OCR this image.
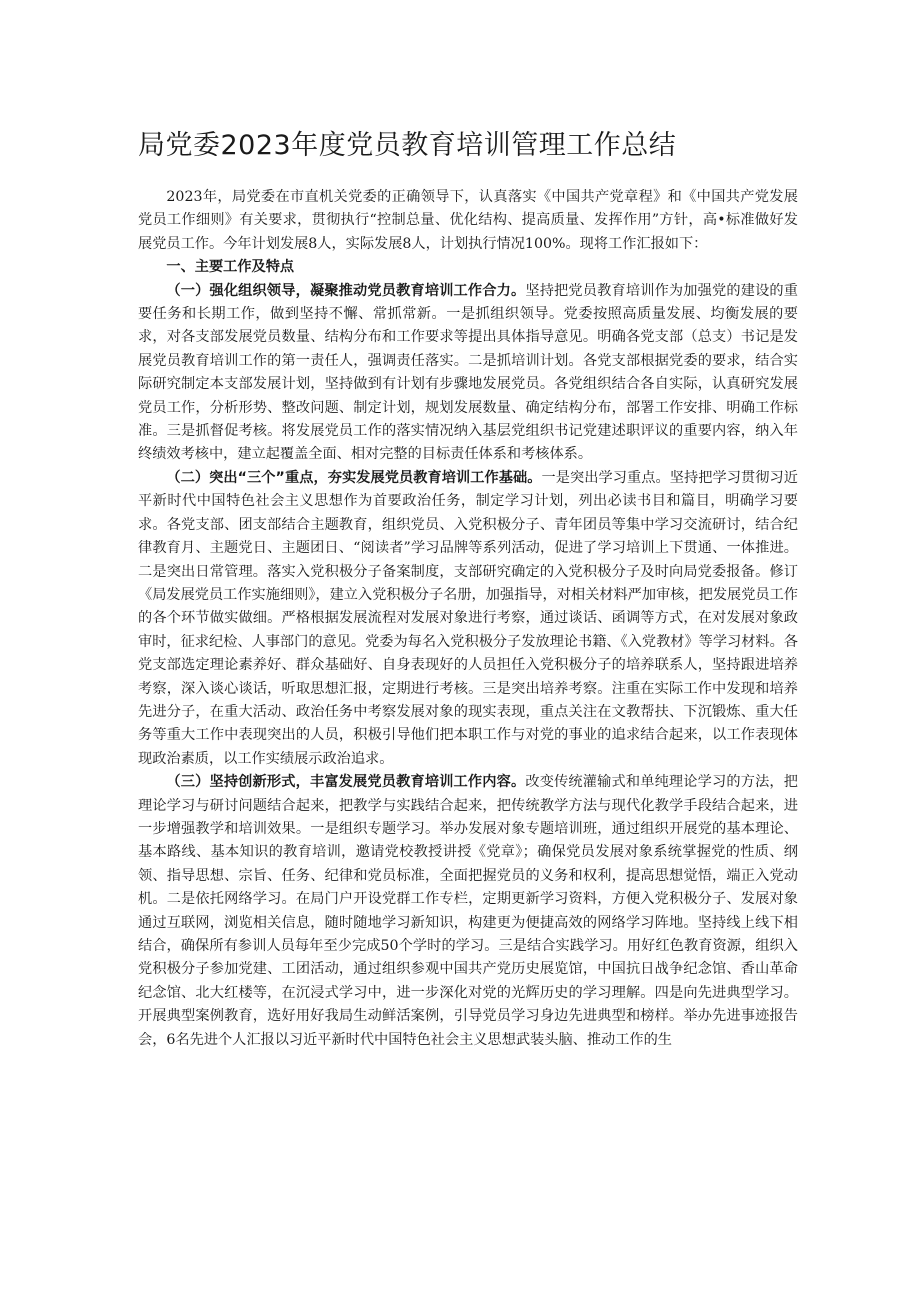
局党委2023年度党员教育培训管理工作总结

2023年，局党委在市直机关党委的正确领导下，认真落实《中国共产党章程》和《中国共产党发展党员工作细则》有关要求，贯彻执行“控制总量、优化结构、提高质量、发挥作用”方针，高•标准做好发展党员工作。今年计划发展8人，实际发展8人，计划执行情况100%。现将工作汇报如下：

一、主要工作及特点

（一）强化组织领导，凝聚推动党员教育培训工作合力。坚持把党员教育培训作为加强党的建设的重要任务和长期工作，做到坚持不懈、常抓常新。一是抓组织领导。党委按照高质量发展、均衡发展的要求，对各支部发展党员数量、结构分布和工作要求等提出具体指导意见。明确各党支部（总支）书记是发展党员教育培训工作的第一责任人，强调责任落实。二是抓培训计划。各党支部根据党委的要求，结合实际研究制定本支部发展计划，坚持做到有计划有步骤地发展党员。各党组织结合各自实际，认真研究发展党员工作，分析形势、整改问题、制定计划，规划发展数量、确定结构分布，部署工作安排、明确工作标准。三是抓督促考核。将发展党员工作的落实情况纳入基层党组织书记党建述职评议的重要内容，纳入年终绩效考核中，建立起覆盖全面、相对完整的目标责任体系和考核体系。

（二）突出“三个”重点，夯实发展党员教育培训工作基础。一是突出学习重点。坚持把学习贯彻习近平新时代中国特色社会主义思想作为首要政治任务，制定学习计划，列出必读书目和篇目，明确学习要求。各党支部、团支部结合主题教育，组织党员、入党积极分子、青年团员等集中学习交流研讨，结合纪律教育月、主题党日、主题团日、“阅读者”学习品牌等系列活动，促进了学习培训上下贯通、一体推进。二是突出日常管理。落实入党积极分子备案制度，支部研究确定的入党积极分子及时向局党委报备。修订《局发展党员工作实施细则》，建立入党积极分子名册，加强指导，对相关材料严加审核，把发展党员工作的各个环节做实做细。严格根据发展流程对发展对象进行考察，通过谈话、函调等方式，在对发展对象政审时，征求纪检、人事部门的意见。党委为每名入党积极分子发放理论书籍、《入党教材》等学习材料。各党支部选定理论素养好、群众基础好、自身表现好的人员担任入党积极分子的培养联系人，坚持跟进培养考察，深入谈心谈话，听取思想汇报，定期进行考核。三是突出培养考察。注重在实际工作中发现和培养先进分子，在重大活动、政治任务中考察发展对象的现实表现，重点关注在文教帮扶、下沉锻炼、重大任务等重大工作中表现突出的人员，积极引导他们把本职工作与对党的事业的追求结合起来，以工作表现体现政治素质，以工作实绩展示政治追求。

（三）坚持创新形式，丰富发展党员教育培训工作内容。改变传统灌输式和单纯理论学习的方法，把理论学习与研讨问题结合起来，把教学与实践结合起来，把传统教学方法与现代化教学手段结合起来，进一步增强教学和培训效果。一是组织专题学习。举办发展对象专题培训班，通过组织开展党的基本理论、基本路线、基本知识的教育培训，邀请党校教授讲授《党章》；确保党员发展对象系统掌握党的性质、纲领、指导思想、宗旨、任务、纪律和党员标准，全面把握党员的义务和权利，提高思想觉悟，端正入党动机。二是依托网络学习。在局门户开设党群工作专栏，定期更新学习资料，方便入党积极分子、发展对象通过互联网，浏览相关信息，随时随地学习新知识，构建更为便捷高效的网络学习阵地。坚持线上线下相结合，确保所有参训人员每年至少完成50个学时的学习。三是结合实践学习。用好红色教育资源，组织入党积极分子参加党建、工团活动，通过组织参观中国共产党历史展览馆，中国抗日战争纪念馆、香山革命纪念馆、北大红楼等，在沉浸式学习中，进一步深化对党的光辉历史的学习理解。四是向先进典型学习。开展典型案例教育，选好用好我局生动鲜活案例，引导党员学习身边先进典型和榜样。举办先进事迹报告会，6名先进个人汇报以习近平新时代中国特色社会主义思想武装头脑、推动工作的生
